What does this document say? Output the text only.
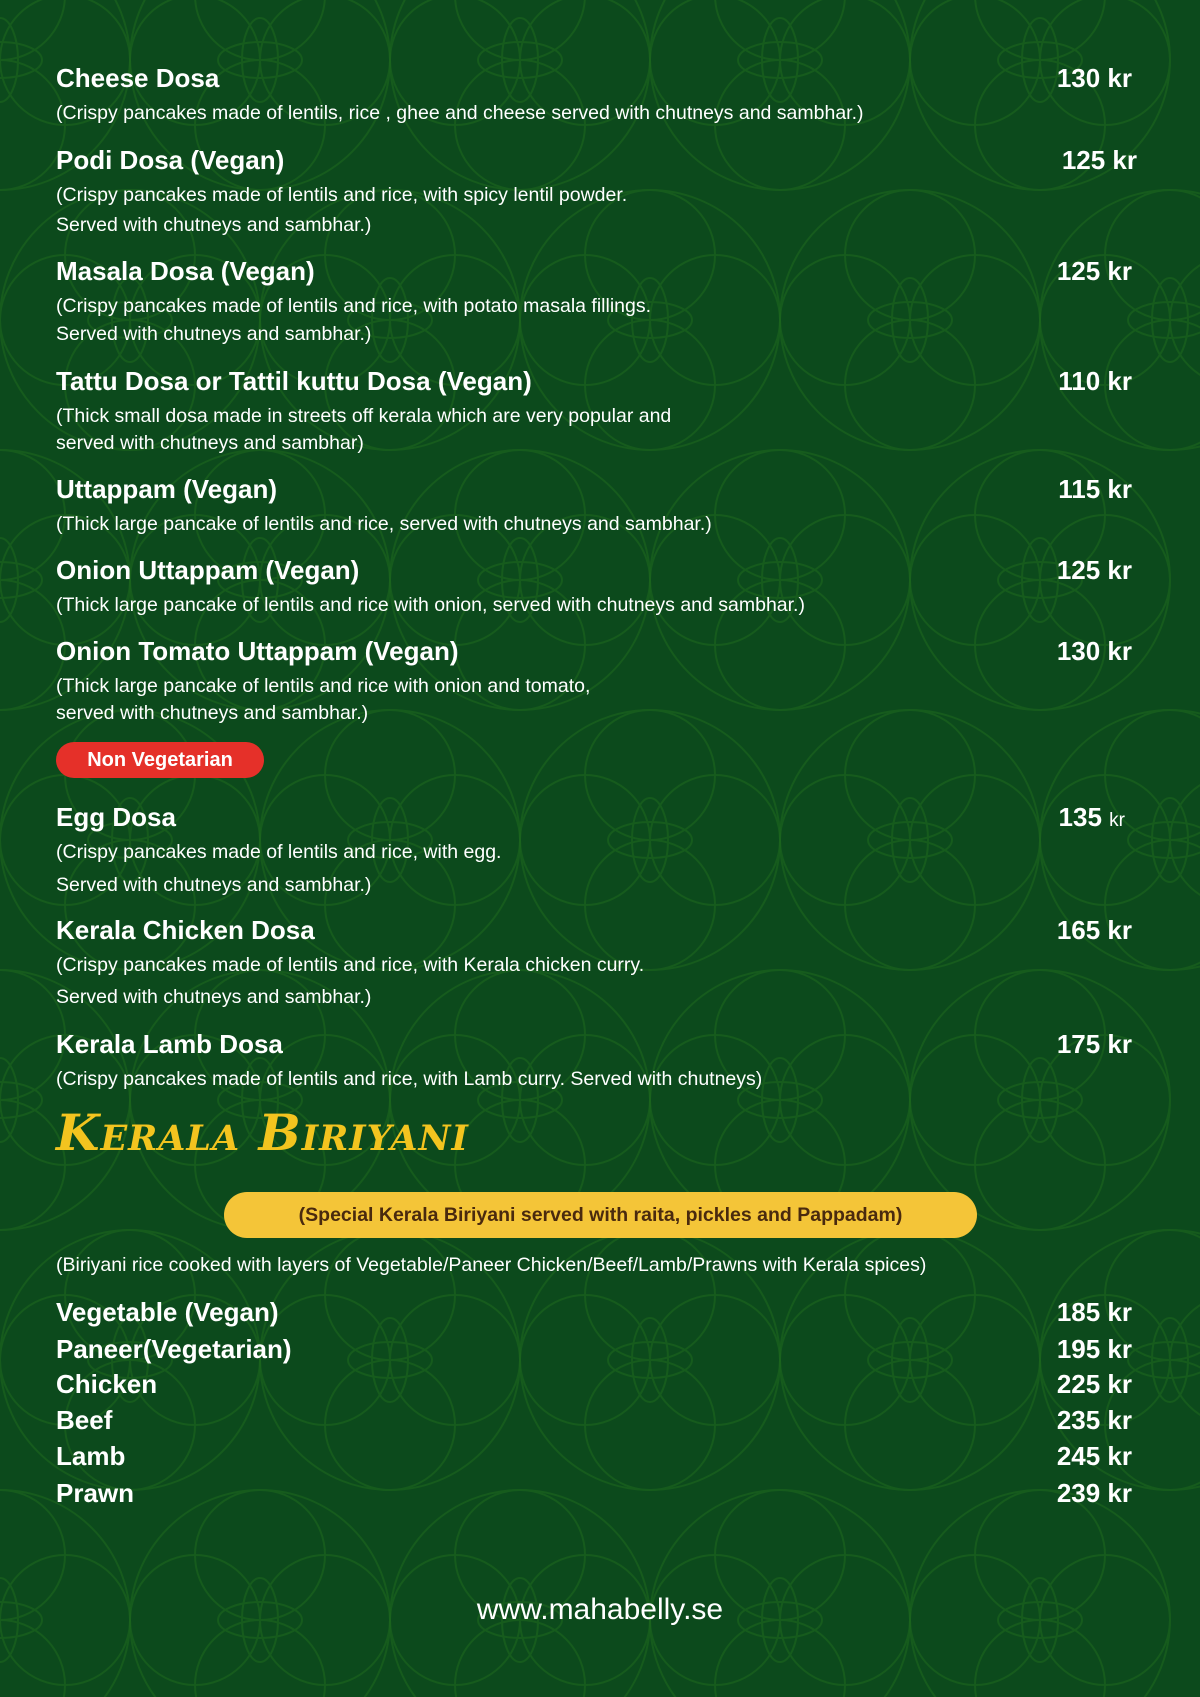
Cheese Dosa	130 kr
(Crispy pancakes made of lentils, rice , ghee and cheese served with chutneys and sambhar.)
Podi Dosa (Vegan)	125 kr
(Crispy pancakes made of lentils and rice, with spicy lentil powder.
Served with chutneys and sambhar.)
Masala Dosa (Vegan)	125 kr
(Crispy pancakes made of lentils and rice, with potato masala fillings.
Served with chutneys and sambhar.)
Tattu Dosa or Tattil kuttu Dosa (Vegan)	110 kr
(Thick small dosa made in streets off kerala which are very popular and
served with chutneys and sambhar)
Uttappam (Vegan)	115 kr
(Thick large pancake of lentils and rice, served with chutneys and sambhar.)
Onion Uttappam (Vegan)	125 kr
(Thick large pancake of lentils and rice with onion, served with chutneys and sambhar.)
Onion Tomato Uttappam (Vegan)	130 kr
(Thick large pancake of lentils and rice with onion and tomato,
served with chutneys and sambhar.)
Non Vegetarian
Egg Dosa	135 kr
(Crispy pancakes made of lentils and rice, with egg.
Served with chutneys and sambhar.)
Kerala Chicken Dosa	165 kr
(Crispy pancakes made of lentils and rice, with Kerala chicken curry.
Served with chutneys and sambhar.)
Kerala Lamb Dosa	175 kr
(Crispy pancakes made of lentils and rice, with Lamb curry. Served with chutneys)
Kerala Biriyani
(Special Kerala Biriyani served with raita, pickles and Pappadam)
(Biriyani rice cooked with layers of Vegetable/Paneer Chicken/Beef/Lamb/Prawns with Kerala spices)
Vegetable (Vegan)	185 kr
Paneer(Vegetarian)	195 kr
Chicken	225 kr
Beef	235 kr
Lamb	245 kr
Prawn	239 kr
www.mahabelly.se
